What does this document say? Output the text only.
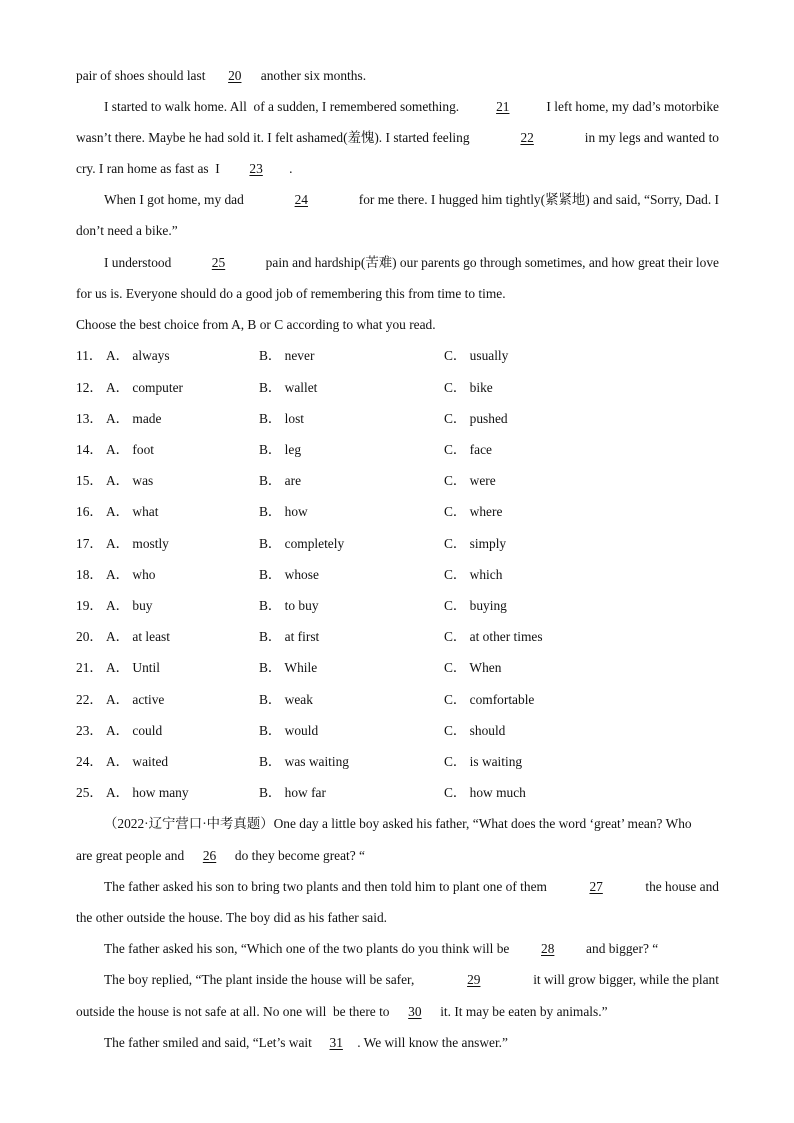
pair of shoes should last 20 another six months.
I started to walk home. All  of a sudden, I remembered something.	21	I left home, my dad’s motorbike
wasn’t there. Maybe he had sold it. I felt ashamed(羞愧). I started feeling	22	in my legs and wanted to
cry. I ran home as fast as  I 23 .
When I got home, my dad	24	for me there. I hugged him tightly(紧紧地) and said, “Sorry, Dad. I
don’t need a bike.”
I understood	25	pain and hardship(苦难) our parents go through sometimes, and how great their love
for us is. Everyone should do a good job of remembering this from time to time.
Choose the best choice from A, B or C according to what you read.
11． A． always	B． never	C． usually
12． A． computer	B． wallet	C． bike
13． A． made	B． lost	C． pushed
14． A． foot	B． leg	C． face
15． A． was	B． are	C． were
16． A． what	B． how	C． where
17． A． mostly	B． completely	C． simply
18． A． who	B． whose	C． which
19． A． buy	B． to buy	C． buying
20． A． at least	B． at first	C． at other times
21． A． Until	B． While	C． When
22． A． active	B． weak	C． comfortable
23． A． could	B． would	C． should
24． A． waited	B． was waiting	C． is waiting
25． A． how many	B． how far	C． how much
（2022·辽宁营口·中考真题）One day a little boy asked his father, “What does the word ‘great’ mean? Who
are great people and 26 do they become great? “
The father asked his son to bring two plants and then told him to plant one of them	27	the house and
the other outside the house. The boy did as his father said.
The father asked his son, “Which one of the two plants do you think will be 28 and bigger? “
The boy replied, “The plant inside the house will be safer,	29	it will grow bigger, while the plant
outside the house is not safe at all. No one will  be there to 30 it. It may be eaten by animals.”
The father smiled and said, “Let’s wait 31 . We will know the answer.”
